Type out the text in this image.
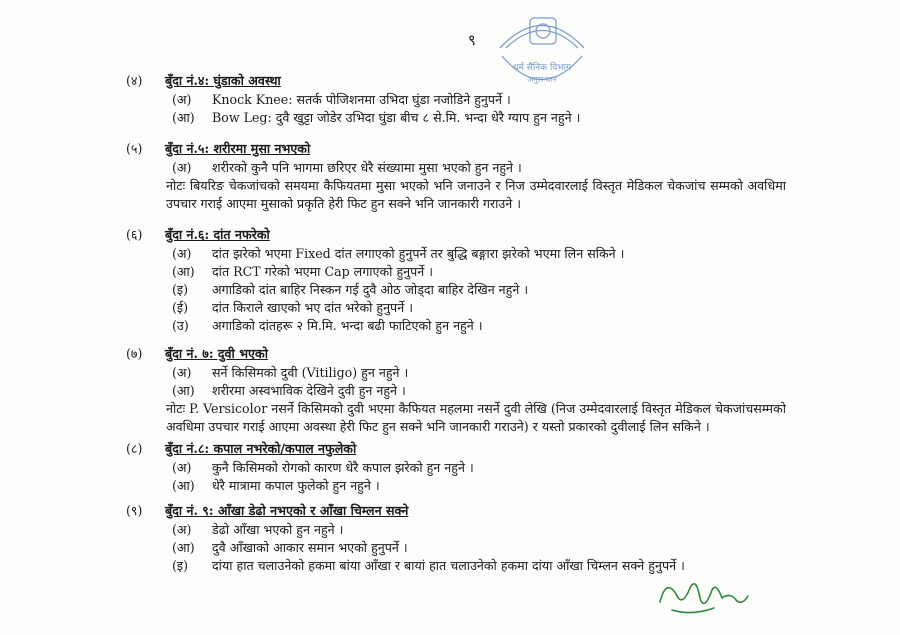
९
धर्म सैनिक विभाग
अनुसन्धान
(४) बुँदा नं.४: घुंडाको अवस्था
(अ) Knock Knee: सतर्क पोजिशनमा उभिदा घुंडा नजोडिने हुनुपर्ने ।
(आ) Bow Leg: दुवै खुट्टा जोडेर उभिदा घुंडा बीच ८ से.मि. भन्दा धेरै ग्याप हुन नहुने ।
(५) बुँदा नं.५: शरीरमा मुसा नभएको
(अ) शरीरको कुनै पनि भागमा छरिएर धेरै संख्यामा मुसा भएको हुन नहुने ।
नोटः बियरिङ चेकजांचको समयमा कैफियतमा मुसा भएको भनि जनाउने र निज उम्मेदवारलाई विस्तृत मेडिकल चेकजांच सम्मको अवधिमा उपचार गराई आएमा मुसाको प्रकृति हेरी फिट हुन सक्ने भनि जानकारी गराउने ।
(६) बुँदा नं.६: दांत नफरेको
(अ) दांत झरेको भएमा Fixed दांत लगाएको हुनुपर्ने तर बुद्धि बङ्गारा झरेको भएमा लिन सकिने ।
(आ) दांत RCT गरेको भएमा Cap लगाएको हुनुपर्ने ।
(इ) अगाडिको दांत बाहिर निस्कन गई दुवै ओठ जोड्दा बाहिर देखिन नहुने ।
(ई) दांत किराले खाएको भए दांत भरेको हुनुपर्ने ।
(उ) अगाडिको दांतहरू २ मि.मि. भन्दा बढी फाटिएको हुन नहुने ।
(७) बुँदा नं. ७: दुवी भएको
(अ) सर्ने किसिमको दुवी (Vitiligo) हुन नहुने ।
(आ) शरीरमा अस्वभाविक देखिने दुवी हुन नहुने ।
नोटः P. Versicolor नसर्ने किसिमको दुवी भएमा कैफियत महलमा नसर्ने दुवी लेखि (निज उम्मेदवारलाई विस्तृत मेडिकल चेकजांचसम्मको अवधिमा उपचार गराई आएमा अवस्था हेरी फिट हुन सक्ने भनि जानकारी गराउने) र यस्तो प्रकारको दुवीलाई लिन सकिने ।
(८) बुँदा नं.८: कपाल नभरेको/कपाल नफुलेको
(अ) कुनै किसिमको रोगको कारण धेरै कपाल झरेको हुन नहुने ।
(आ) धेरै मात्रामा कपाल फुलेको हुन नहुने ।
(९) बुँदा नं. ९: आँखा डेढो नभएको र आँखा चिम्लन सक्ने
(अ) डेढो आँखा भएको हुन नहुने ।
(आ) दुवै आँखाको आकार समान भएको हुनुपर्ने ।
(इ) दांया हात चलाउनेको हकमा बांया आँखा र बायां हात चलाउनेको हकमा दांया आँखा चिम्लन सक्ने हुनुपर्ने ।
